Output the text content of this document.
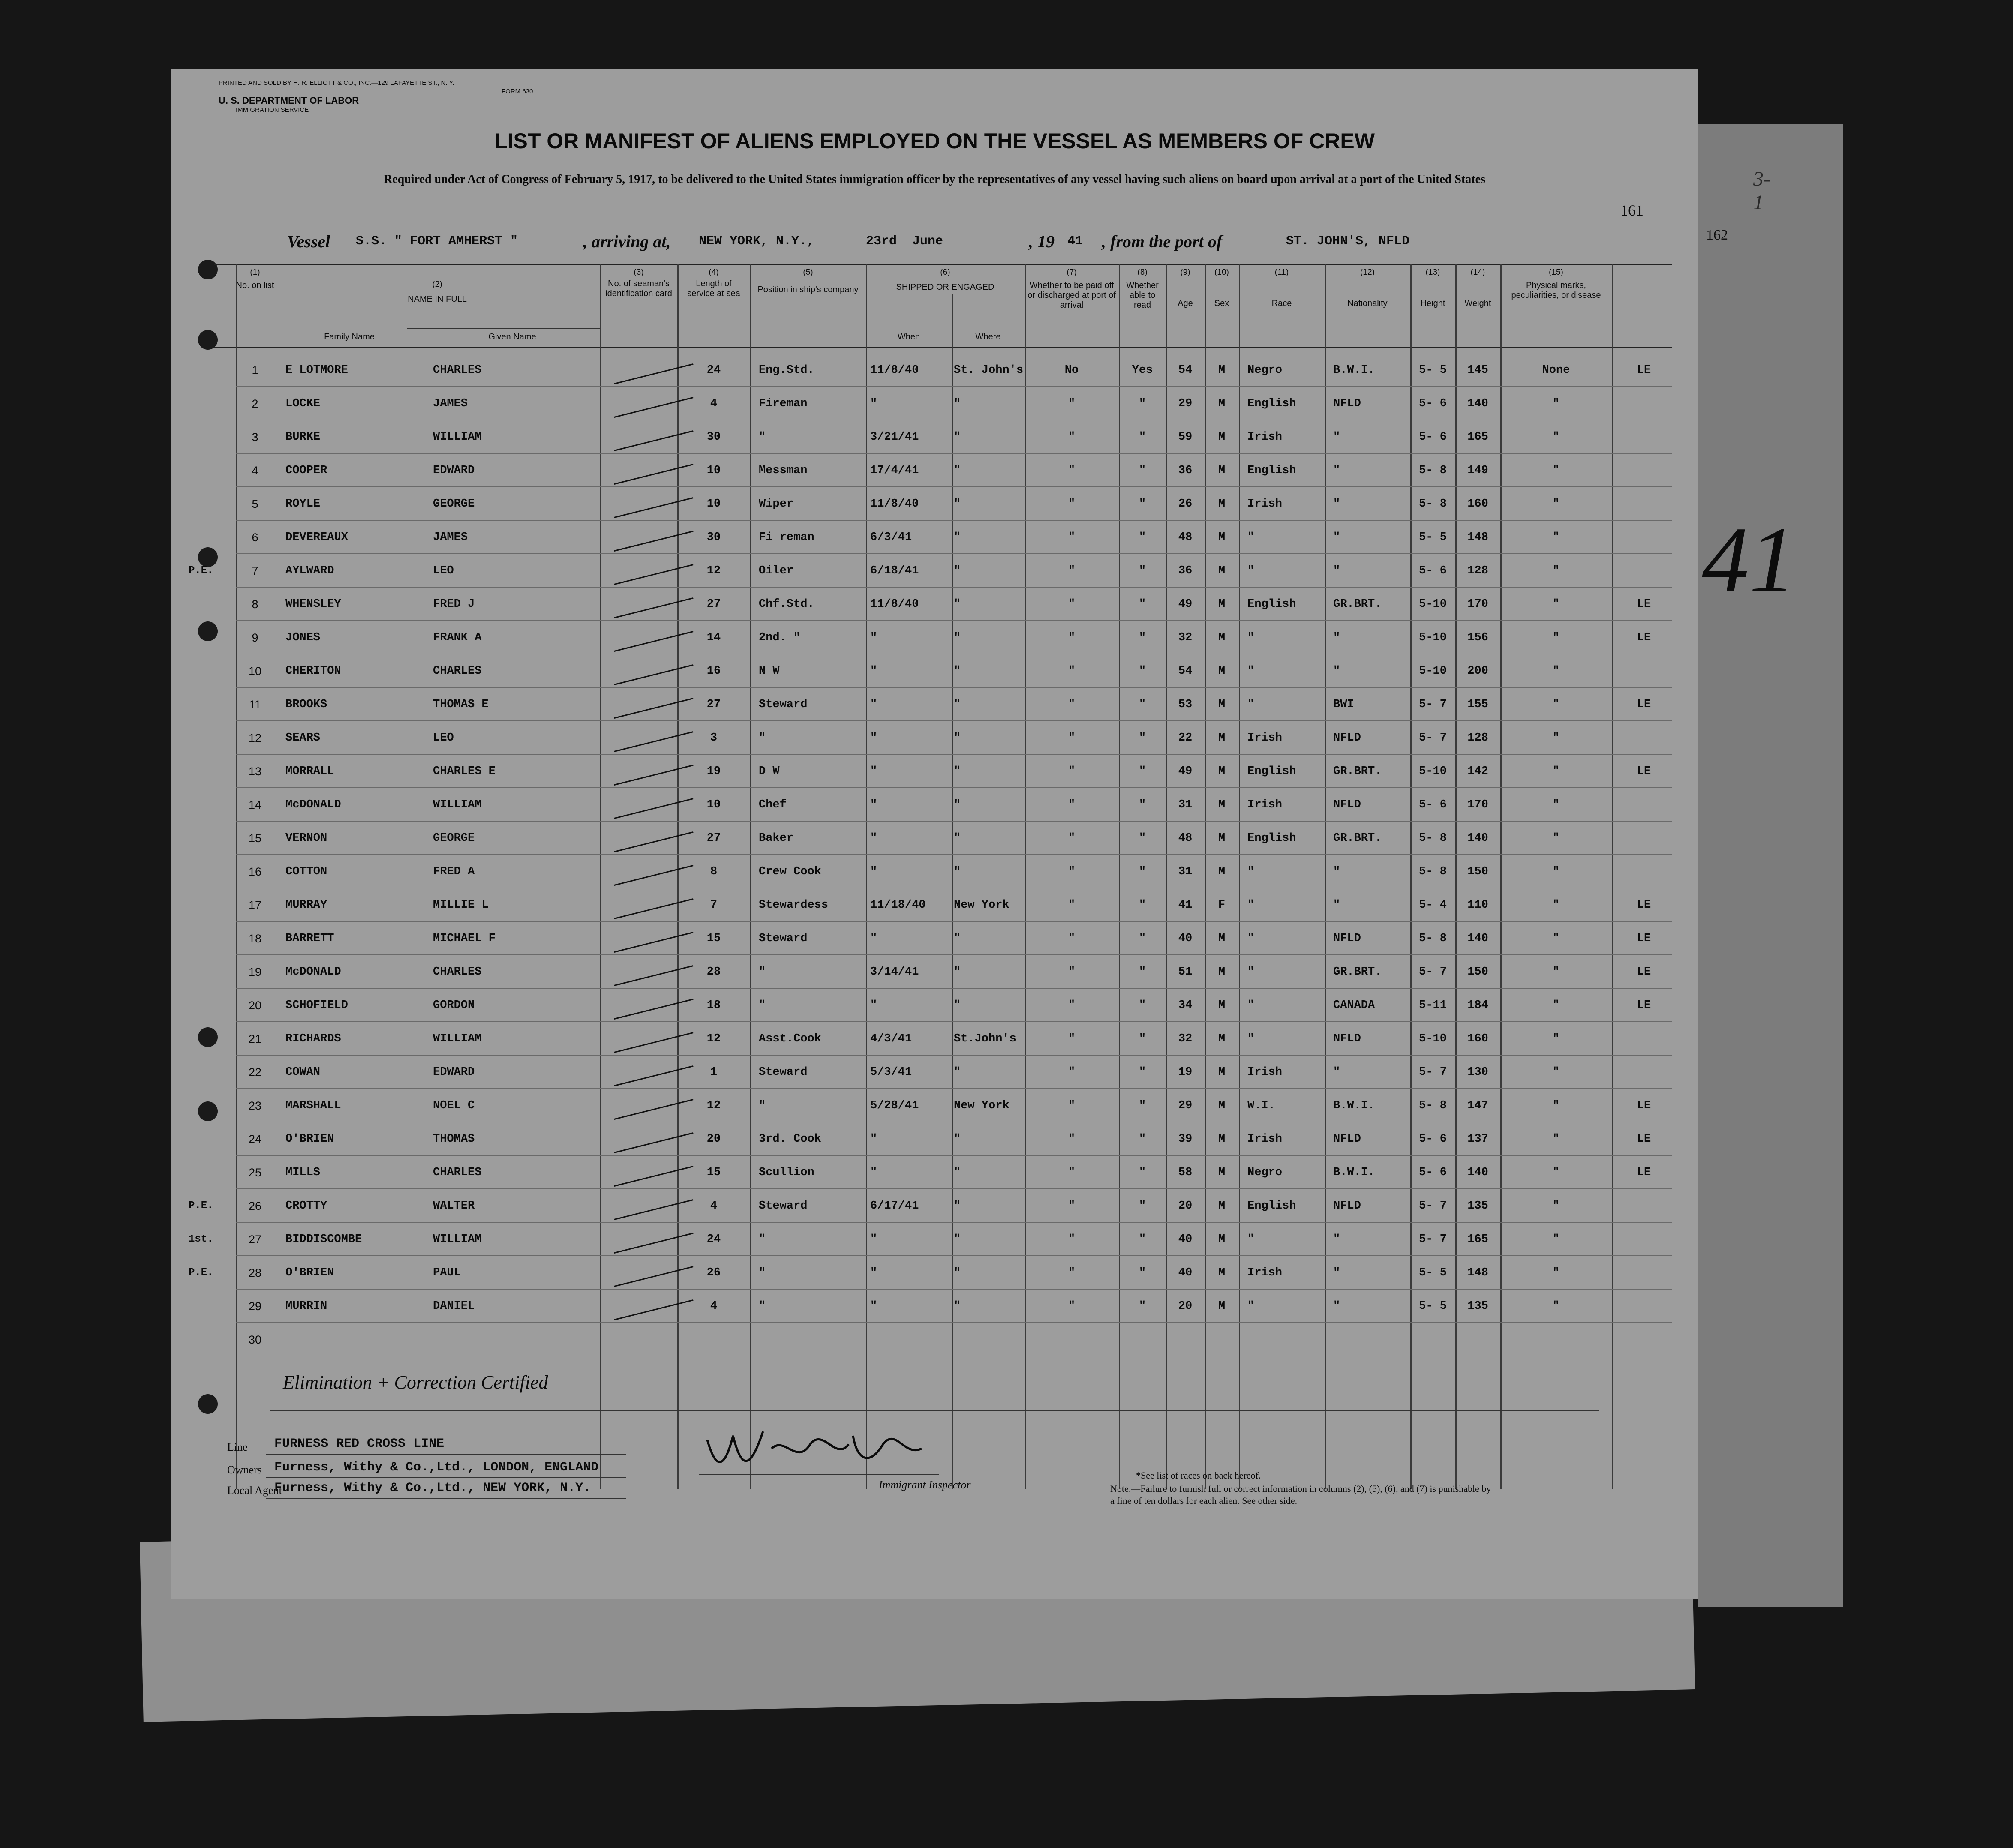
162
41
PRINTED AND SOLD BY H. R. ELLIOTT & CO., INC.—129 LAFAYETTE ST., N. Y.
FORM 630
U. S. DEPARTMENT OF LABOR
IMMIGRATION SERVICE
LIST OR MANIFEST OF ALIENS EMPLOYED ON THE VESSEL AS MEMBERS OF CREW
Required under Act of Congress of February 5, 1917, to be delivered to the United States immigration officer by the representatives of any vessel having such aliens on board upon arrival at a port of the United States
161
3-1
Vessel S.S. " FORT AMHERST "	, arriving at, NEW YORK, N.Y.,	23rd  June	, 19 41 , from the port of	ST. JOHN'S, NFLD
(1)
No. on list	(2)
NAME IN FULL
Family Name	Given Name
(3)
No. of seaman's identification card
(4)
Length of service at sea
(5)
Position in ship's company
(6)
SHIPPED OR ENGAGED
When	Where
(7)
Whether to be paid off or discharged at port of arrival
(8)
Whether able to read
(9)
Age
(10)
Sex
(11)
Race
(12)
Nationality
(13)
Height
(14)
Weight
(15)
Physical marks, peculiarities, or disease
1	E LOTMORE	CHARLES	24	Eng.Std.	11/8/40	St. John's	No	Yes	54	M	Negro	B.W.I.	5- 5	145	None	LE
2	LOCKE	JAMES	4	Fireman	"	"	"	"	29	M	English	NFLD	5- 6	140	"
3	BURKE	WILLIAM	30	"	3/21/41	"	"	"	59	M	Irish	"	5- 6	165	"
4	COOPER	EDWARD	10	Messman	17/4/41	"	"	"	36	M	English	"	5- 8	149	"
5	ROYLE	GEORGE	10	Wiper	11/8/40	"	"	"	26	M	Irish	"	5- 8	160	"
6	DEVEREAUX	JAMES	30	Fi reman	6/3/41	"	"	"	48	M	"	"	5- 5	148	"
P.E.	7	AYLWARD	LEO	12	Oiler	6/18/41	"	"	"	36	M	"	"	5- 6	128	"
8	WHENSLEY	FRED J	27	Chf.Std.	11/8/40	"	"	"	49	M	English	GR.BRT.	5-10	170	"	LE
9	JONES	FRANK A	14	2nd. "	"	"	"	"	32	M	"	"	5-10	156	"	LE
10	CHERITON	CHARLES	16	N W	"	"	"	"	54	M	"	"	5-10	200	"
11	BROOKS	THOMAS E	27	Steward	"	"	"	"	53	M	"	BWI	5- 7	155	"	LE
12	SEARS	LEO	3	"	"	"	"	"	22	M	Irish	NFLD	5- 7	128	"
13	MORRALL	CHARLES E	19	D W	"	"	"	"	49	M	English	GR.BRT.	5-10	142	"	LE
14	McDONALD	WILLIAM	10	Chef	"	"	"	"	31	M	Irish	NFLD	5- 6	170	"
15	VERNON	GEORGE	27	Baker	"	"	"	"	48	M	English	GR.BRT.	5- 8	140	"
16	COTTON	FRED A	8	Crew Cook	"	"	"	"	31	M	"	"	5- 8	150	"
17	MURRAY	MILLIE L	7	Stewardess	11/18/40	New York	"	"	41	F	"	"	5- 4	110	"	LE
18	BARRETT	MICHAEL F	15	Steward	"	"	"	"	40	M	"	NFLD	5- 8	140	"	LE
19	McDONALD	CHARLES	28	"	3/14/41	"	"	"	51	M	"	GR.BRT.	5- 7	150	"	LE
20	SCHOFIELD	GORDON	18	"	"	"	"	"	34	M	"	CANADA	5-11	184	"	LE
21	RICHARDS	WILLIAM	12	Asst.Cook	4/3/41	St.John's	"	"	32	M	"	NFLD	5-10	160	"
22	COWAN	EDWARD	1	Steward	5/3/41	"	"	"	19	M	Irish	"	5- 7	130	"
23	MARSHALL	NOEL C	12	"	5/28/41	New York	"	"	29	M	W.I.	B.W.I.	5- 8	147	"	LE
24	O'BRIEN	THOMAS	20	3rd. Cook	"	"	"	"	39	M	Irish	NFLD	5- 6	137	"	LE
25	MILLS	CHARLES	15	Scullion	"	"	"	"	58	M	Negro	B.W.I.	5- 6	140	"	LE
P.E.	26	CROTTY	WALTER	4	Steward	6/17/41	"	"	"	20	M	English	NFLD	5- 7	135	"
1st.	27	BIDDISCOMBE	WILLIAM	24	"	"	"	"	"	40	M	"	"	5- 7	165	"
P.E.	28	O'BRIEN	PAUL	26	"	"	"	"	"	40	M	Irish	"	5- 5	148	"
29	MURRIN	DANIEL	4	"	"	"	"	"	20	M	"	"	5- 5	135	"
30
Elimination + Correction Certified
Line FURNESS RED CROSS LINE
Owners Furness, Withy & Co.,Ltd., LONDON, ENGLAND
Local Agent
Furness, Withy & Co.,Ltd., NEW YORK, N.Y.	Immigrant Inspector
*See list of races on back hereof.
Note.—Failure to furnish full or correct information in columns (2), (5), (6), and (7) is punishable by a fine of ten dollars for each alien. See other side.
